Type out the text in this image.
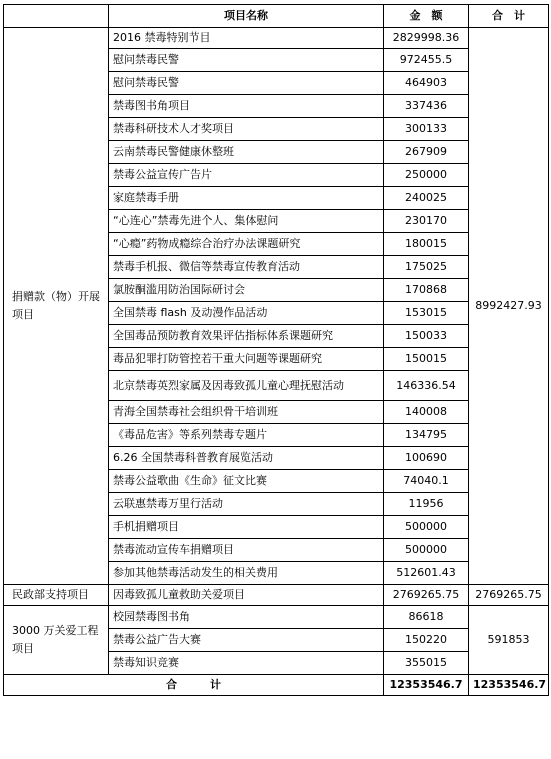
	项目名称	金　额	合　计
捐赠款（物）开展项目	2016 禁毒特别节目	2829998.36	8992427.93
	慰问禁毒民警	972455.5	
	慰问禁毒民警	464903	
	禁毒图书角项目	337436	
	禁毒科研技术人才奖项目	300133	
	云南禁毒民警健康休整班	267909	
	禁毒公益宣传广告片	250000	
	家庭禁毒手册	240025	
	“心连心”禁毒先进个人、集体慰问	230170	
	“心瘾”药物成瘾综合治疗办法课题研究	180015	
	禁毒手机报、微信等禁毒宣传教育活动	175025	
	氯胺酮滥用防治国际研讨会	170868	
	全国禁毒 flash 及动漫作品活动	153015	
	全国毒品预防教育效果评估指标体系课题研究	150033	
	毒品犯罪打防管控若干重大问题等课题研究	150015	
	北京禁毒英烈家属及因毒致孤儿童心理抚慰活动	146336.54	
	青海全国禁毒社会组织骨干培训班	140008	
	《毒品危害》等系列禁毒专题片	134795	
	6.26 全国禁毒科普教育展览活动	100690	
	禁毒公益歌曲《生命》征文比赛	74040.1	
	云联惠禁毒万里行活动	11956	
	手机捐赠项目	500000	
	禁毒流动宣传车捐赠项目	500000	
	参加其他禁毒活动发生的相关费用	512601.43	
民政部支持项目	因毒致孤儿童救助关爱项目	2769265.75	2769265.75
3000 万关爱工程项目	校园禁毒图书角	86618	591853
	禁毒公益广告大赛	150220	
	禁毒知识竞赛	355015	
合　　　计		12353546.7	12353546.7
